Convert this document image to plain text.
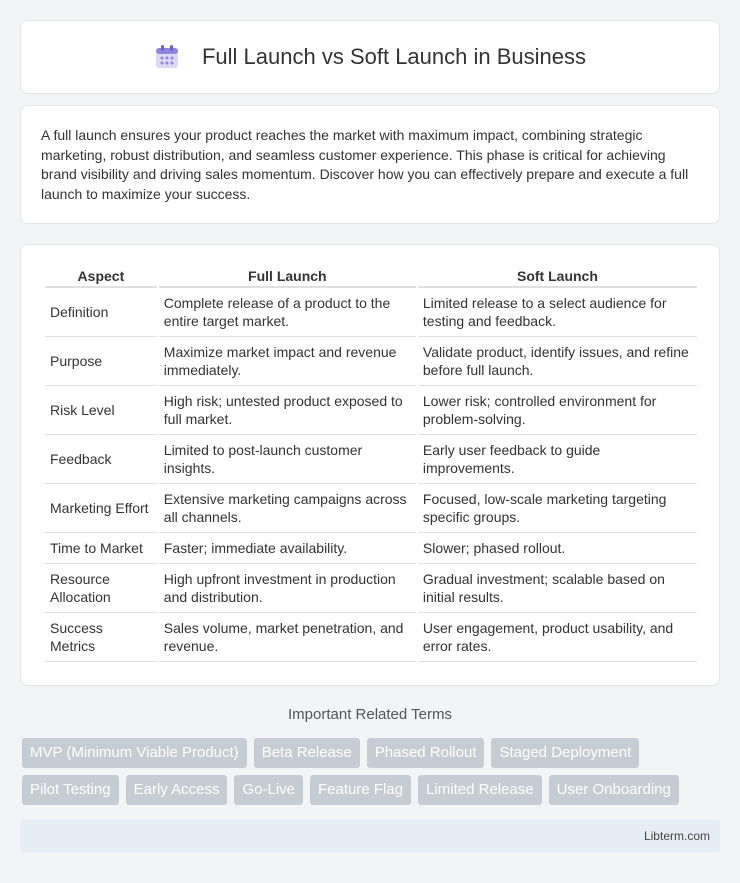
Full Launch vs Soft Launch in Business

A full launch ensures your product reaches the market with maximum impact, combining strategic marketing, robust distribution, and seamless customer experience. This phase is critical for achieving brand visibility and driving sales momentum. Discover how you can effectively prepare and execute a full launch to maximize your success.

Aspect	Full Launch	Soft Launch
Definition	Complete release of a product to the entire target market.	Limited release to a select audience for testing and feedback.
Purpose	Maximize market impact and revenue immediately.	Validate product, identify issues, and refine before full launch.
Risk Level	High risk; untested product exposed to full market.	Lower risk; controlled environment for problem-solving.
Feedback	Limited to post-launch customer insights.	Early user feedback to guide improvements.
Marketing Effort	Extensive marketing campaigns across all channels.	Focused, low-scale marketing targeting specific groups.
Time to Market	Faster; immediate availability.	Slower; phased rollout.
Resource Allocation	High upfront investment in production and distribution.	Gradual investment; scalable based on initial results.
Success Metrics	Sales volume, market penetration, and revenue.	User engagement, product usability, and error rates.
Important Related Terms
MVP (Minimum Viable Product)	Beta Release	Phased Rollout	Staged Deployment
Pilot Testing	Early Access	Go-Live	Feature Flag	Limited Release	User Onboarding
Libterm.com
